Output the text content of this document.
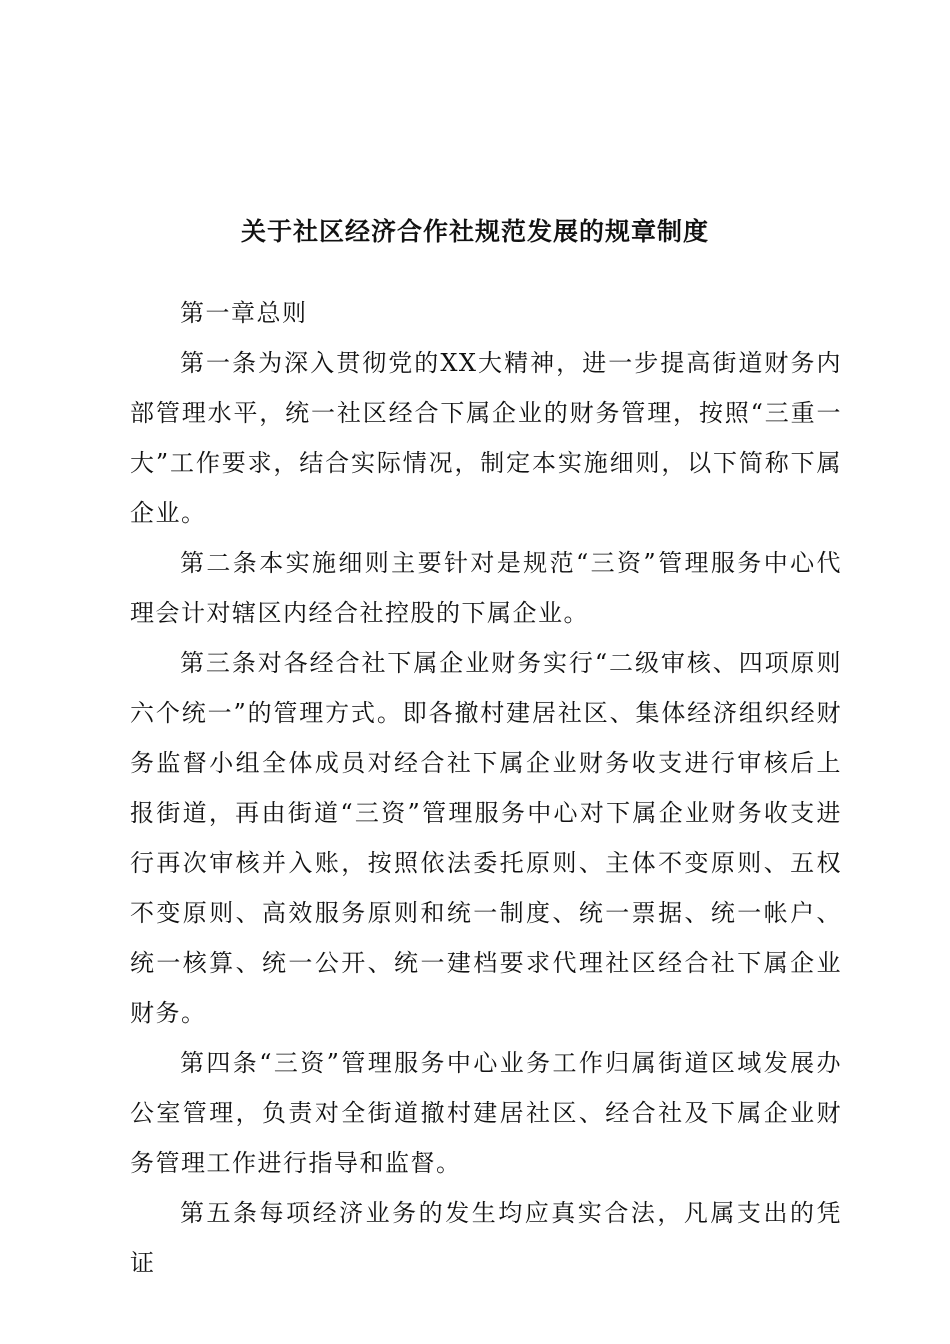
关于社区经济合作社规范发展的规章制度

第一章总则

第一条为深入贯彻党的XX大精神，进一步提高街道财务内部管理水平，统一社区经合下属企业的财务管理，按照“三重一大”工作要求，结合实际情况，制定本实施细则，以下简称下属企业。

第二条本实施细则主要针对是规范“三资”管理服务中心代理会计对辖区内经合社控股的下属企业。

第三条对各经合社下属企业财务实行“二级审核、四项原则六个统一”的管理方式。即各撤村建居社区、集体经济组织经财务监督小组全体成员对经合社下属企业财务收支进行审核后上报街道，再由街道“三资”管理服务中心对下属企业财务收支进行再次审核并入账，按照依法委托原则、主体不变原则、五权不变原则、高效服务原则和统一制度、统一票据、统一帐户、统一核算、统一公开、统一建档要求代理社区经合社下属企业财务。

第四条“三资”管理服务中心业务工作归属街道区域发展办公室管理，负责对全街道撤村建居社区、经合社及下属企业财务管理工作进行指导和监督。

第五条每项经济业务的发生均应真实合法，凡属支出的凭证
